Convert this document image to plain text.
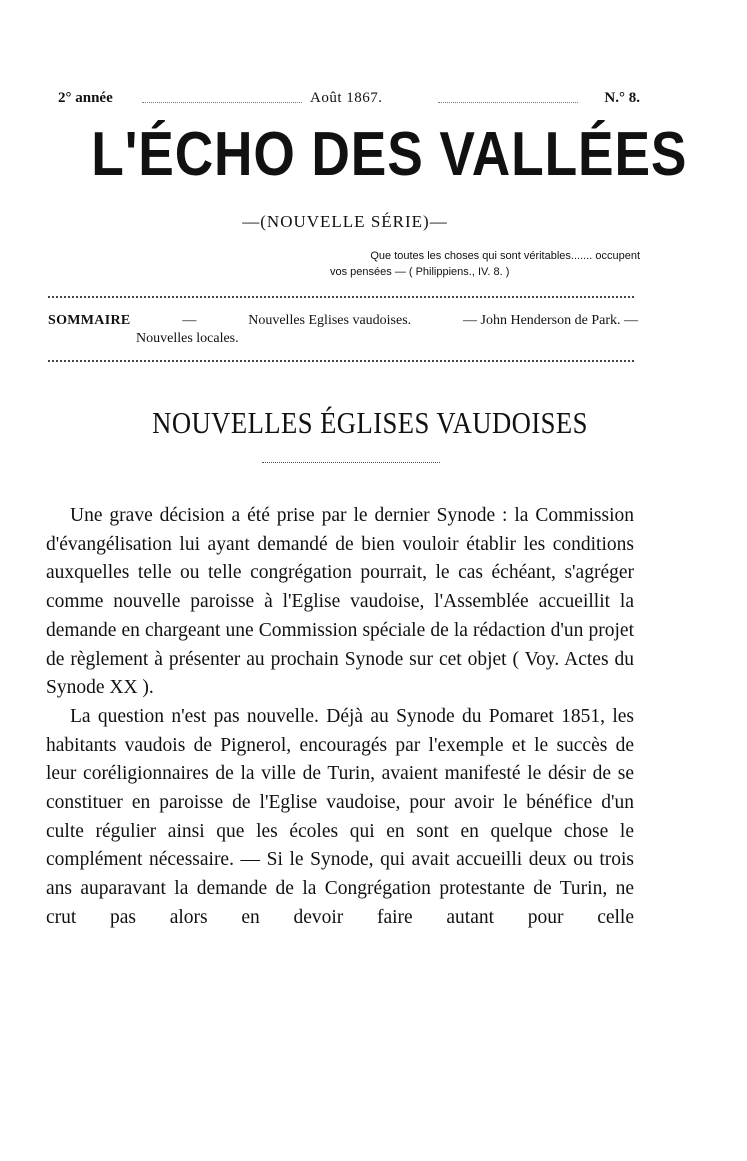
2° année	Août 1867.	N.° 8.
L'ÉCHO DES VALLÉES
—(NOUVELLE SÉRIE)—
Que toutes les choses qui sont véritables....... occupent
vos pensées — ( Philippiens., IV. 8. )
SOMMAIRE	—	Nouvelles Eglises vaudoises.	— John Henderson de Park. —
Nouvelles locales.
NOUVELLES ÉGLISES VAUDOISES

Une grave décision a été prise par le dernier Synode : la Commission d'évangélisation lui ayant demandé de bien vouloir établir les conditions auxquelles telle ou telle congrégation pourrait, le cas échéant, s'agréger comme nouvelle paroisse à l'Eglise vaudoise, l'Assemblée accueillit la demande en chargeant une Commission spéciale de la rédaction d'un projet de règlement à présenter au prochain Synode sur cet objet ( Voy. Actes du Synode XX ).

La question n'est pas nouvelle. Déjà au Synode du Pomaret 1851, les habitants vaudois de Pignerol, encouragés par l'exemple et le succès de leur coréligionnaires de la ville de Turin, avaient manifesté le désir de se constituer en paroisse de l'Eglise vaudoise, pour avoir le bénéfice d'un culte régulier ainsi que les écoles qui en sont en quelque chose le complément nécessaire. — Si le Synode, qui avait accueilli deux ou trois ans auparavant la demande de la Congrégation protestante de Turin, ne crut pas alors en devoir faire autant pour celle
